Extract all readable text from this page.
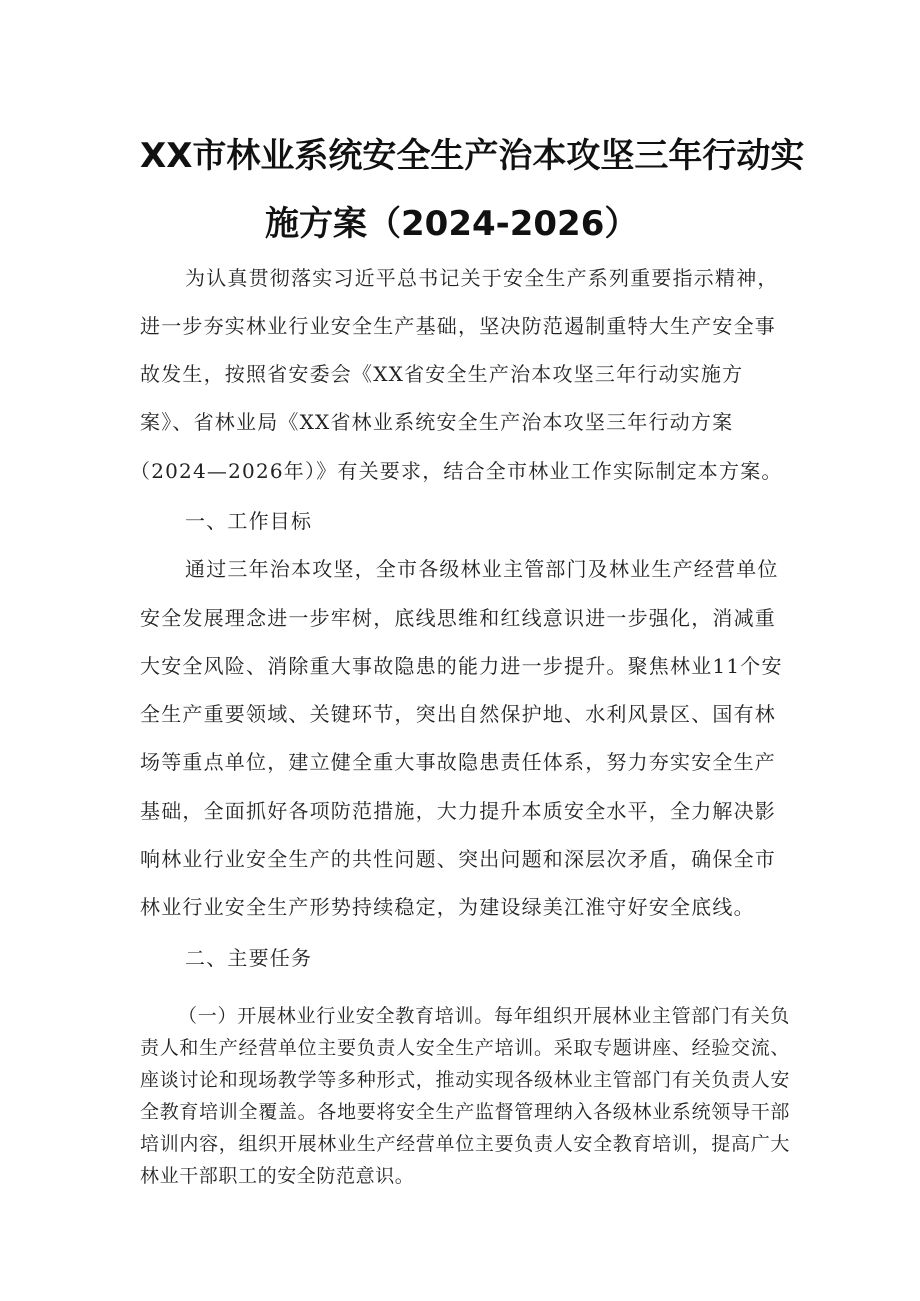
XX市林业系统安全生产治本攻坚三年行动实
施方案（2024-2026）
为认真贯彻落实习近平总书记关于安全生产系列重要指示精神，
进一步夯实林业行业安全生产基础，坚决防范遏制重特大生产安全事
故发生，按照省安委会《XX省安全生产治本攻坚三年行动实施方
案》、省林业局《XX省林业系统安全生产治本攻坚三年行动方案
（2024—2026年）》有关要求，结合全市林业工作实际制定本方案。
一、工作目标
通过三年治本攻坚，全市各级林业主管部门及林业生产经营单位
安全发展理念进一步牢树，底线思维和红线意识进一步强化，消减重
大安全风险、消除重大事故隐患的能力进一步提升。聚焦林业11个安
全生产重要领域、关键环节，突出自然保护地、水利风景区、国有林
场等重点单位，建立健全重大事故隐患责任体系，努力夯实安全生产
基础，全面抓好各项防范措施，大力提升本质安全水平，全力解决影
响林业行业安全生产的共性问题、突出问题和深层次矛盾，确保全市
林业行业安全生产形势持续稳定，为建设绿美江淮守好安全底线。
二、主要任务
（一）开展林业行业安全教育培训。每年组织开展林业主管部门有关负责人和生产经营单位主要负责人安全生产培训。采取专题讲座、经验交流、座谈讨论和现场教学等多种形式，推动实现各级林业主管部门有关负责人安全教育培训全覆盖。各地要将安全生产监督管理纳入各级林业系统领导干部培训内容，组织开展林业生产经营单位主要负责人安全教育培训，提高广大林业干部职工的安全防范意识。
